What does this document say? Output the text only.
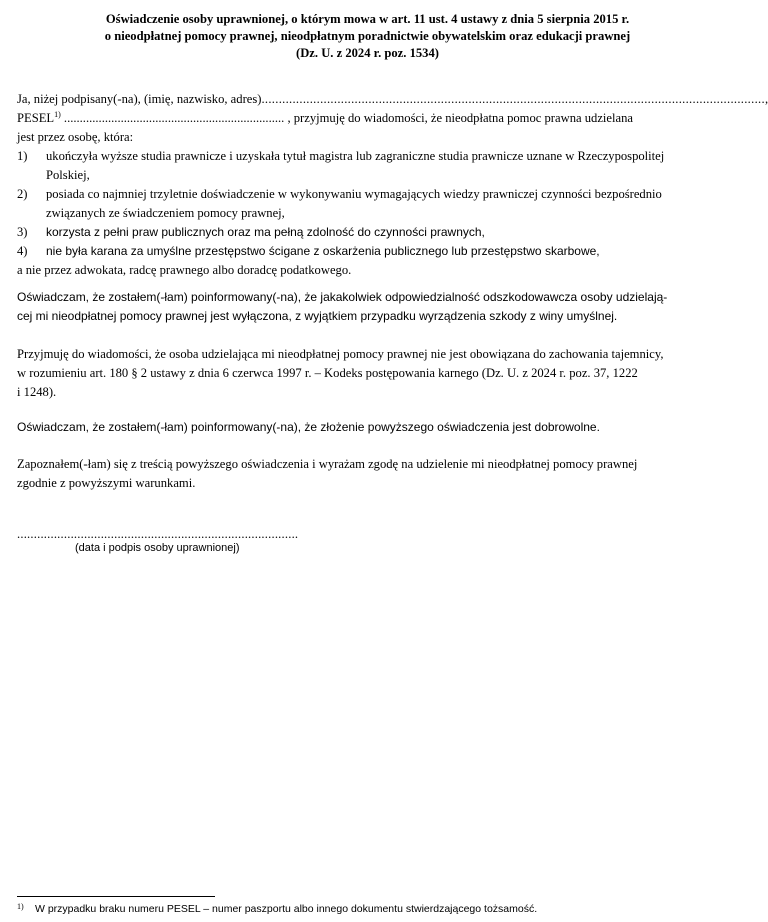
Oświadczenie osoby uprawnionej, o którym mowa w art. 11 ust. 4 ustawy z dnia 5 sierpnia 2015 r.
o nieodpłatnej pomocy prawnej, nieodpłatnym poradnictwie obywatelskim oraz edukacji prawnej
(Dz. U. z 2024 r. poz. 1534)
Ja, niżej podpisany(-na), (imię, nazwisko, adres) .................................................................................................................................................. ,
PESEL$^{1)}$ ...................................................................... , przyjmuję do wiadomości, że nieodpłatna pomoc prawna udzielana
jest przez osobę, która:
1)	ukończyła wyższe studia prawnicze i uzyskała tytuł magistra lub zagraniczne studia prawnicze uznane w Rzeczypospolitej
Polskiej,
2)	posiada co najmniej trzyletnie doświadczenie w wykonywaniu wymagających wiedzy prawniczej czynności bezpośrednio
związanych ze świadczeniem pomocy prawnej,
3)	korzysta z pełni praw publicznych oraz ma pełną zdolność do czynności prawnych,
4)	nie była karana za umyślne przestępstwo ścigane z oskarżenia publicznego lub przestępstwo skarbowe,
a nie przez adwokata, radcę prawnego albo doradcę podatkowego.
Oświadczam, że zostałem(-łam) poinformowany(-na), że jakakolwiek odpowiedzialność odszkodowawcza osoby udzielają-
cej mi nieodpłatnej pomocy prawnej jest wyłączona, z wyjątkiem przypadku wyrządzenia szkody z winy umyślnej.
Przyjmuję do wiadomości, że osoba udzielająca mi nieodpłatnej pomocy prawnej nie jest obowiązana do zachowania tajemnicy,
w rozumieniu art. 180 § 2 ustawy z dnia 6 czerwca 1997 r. – Kodeks postępowania karnego (Dz. U. z 2024 r. poz. 37, 1222
i 1248).
Oświadczam, że zostałem(-łam) poinformowany(-na), że złożenie powyższego oświadczenia jest dobrowolne.
Zapoznałem(-łam) się z treścią powyższego oświadczenia i wyrażam zgodę na udzielenie mi nieodpłatnej pomocy prawnej
zgodnie z powyższymi warunkami.
....................................................................................
(data i podpis osoby uprawnionej)
1) W przypadku braku numeru PESEL – numer paszportu albo innego dokumentu stwierdzającego tożsamość.
